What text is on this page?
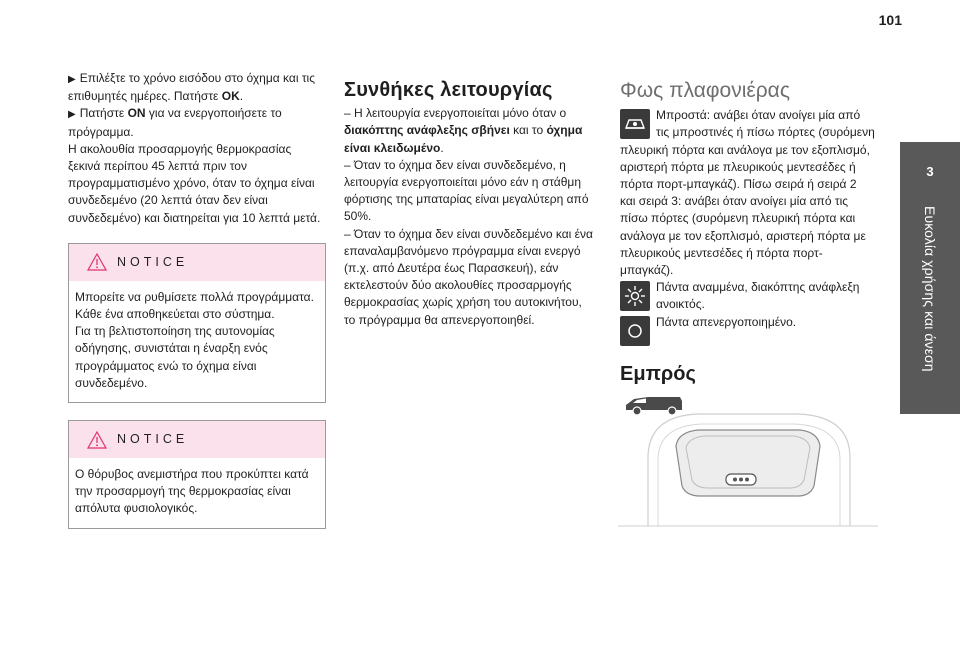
101
3
Ευκολία χρήσης και άνεση

▶ Επιλέξτε το χρόνο εισόδου στο όχημα και τις επιθυμητές ημέρες. Πατήστε OK.

▶ Πατήστε ON για να ενεργοποιήσετε το πρόγραμμα.

Η ακολουθία προσαρμογής θερμοκρασίας ξεκινά περίπου 45 λεπτά πριν τον προγραμματισμένο χρόνο, όταν το όχημα είναι συνδεδεμένο (20 λεπτά όταν δεν είναι συνδεδεμένο) και διατηρείται για 10 λεπτά μετά.

NOTICE

Μπορείτε να ρυθμίσετε πολλά προγράμματα.

Κάθε ένα αποθηκεύεται στο σύστημα.

Για τη βελτιστοποίηση της αυτονομίας οδήγησης, συνιστάται η έναρξη ενός προγράμματος ενώ το όχημα είναι συνδεδεμένο.

NOTICE

Ο θόρυβος ανεμιστήρα που προκύπτει κατά την προσαρμογή της θερμοκρασίας είναι απόλυτα φυσιολογικός.

Συνθήκες λειτουργίας

– Η λειτουργία ενεργοποιείται μόνο όταν ο διακόπτης ανάφλεξης σβήνει και το όχημα είναι κλειδωμένο.

– Όταν το όχημα δεν είναι συνδεδεμένο, η λειτουργία ενεργοποιείται μόνο εάν η στάθμη φόρτισης της μπαταρίας είναι μεγαλύτερη από 50%.

– Όταν το όχημα δεν είναι συνδεδεμένο και ένα επαναλαμβανόμενο πρόγραμμα είναι ενεργό (π.χ. από Δευτέρα έως Παρασκευή), εάν εκτελεστούν δύο ακολουθίες προσαρμογής θερμοκρασίας χωρίς χρήση του αυτοκινήτου, το πρόγραμμα θα απενεργοποιηθεί.

Φως πλαφονιέρας

Μπροστά: ανάβει όταν ανοίγει μία από τις μπροστινές ή πίσω πόρτες (συρόμενη πλευρική πόρτα και ανάλογα με τον εξοπλισμό, αριστερή πόρτα με πλευρικούς μεντεσέδες ή πόρτα πορτ-μπαγκάζ). Πίσω σειρά ή σειρά 2 και σειρά 3: ανάβει όταν ανοίγει μία από τις πίσω πόρτες (συρόμενη πλευρική πόρτα και ανάλογα με τον εξοπλισμό, αριστερή πόρτα με πλευρικούς μεντεσέδες ή πόρτα πορτ-μπαγκάζ).

Πάντα αναμμένα, διακόπτης ανάφλεξη ανοικτός.

Πάντα απενεργοποιημένο.

Εμπρός
